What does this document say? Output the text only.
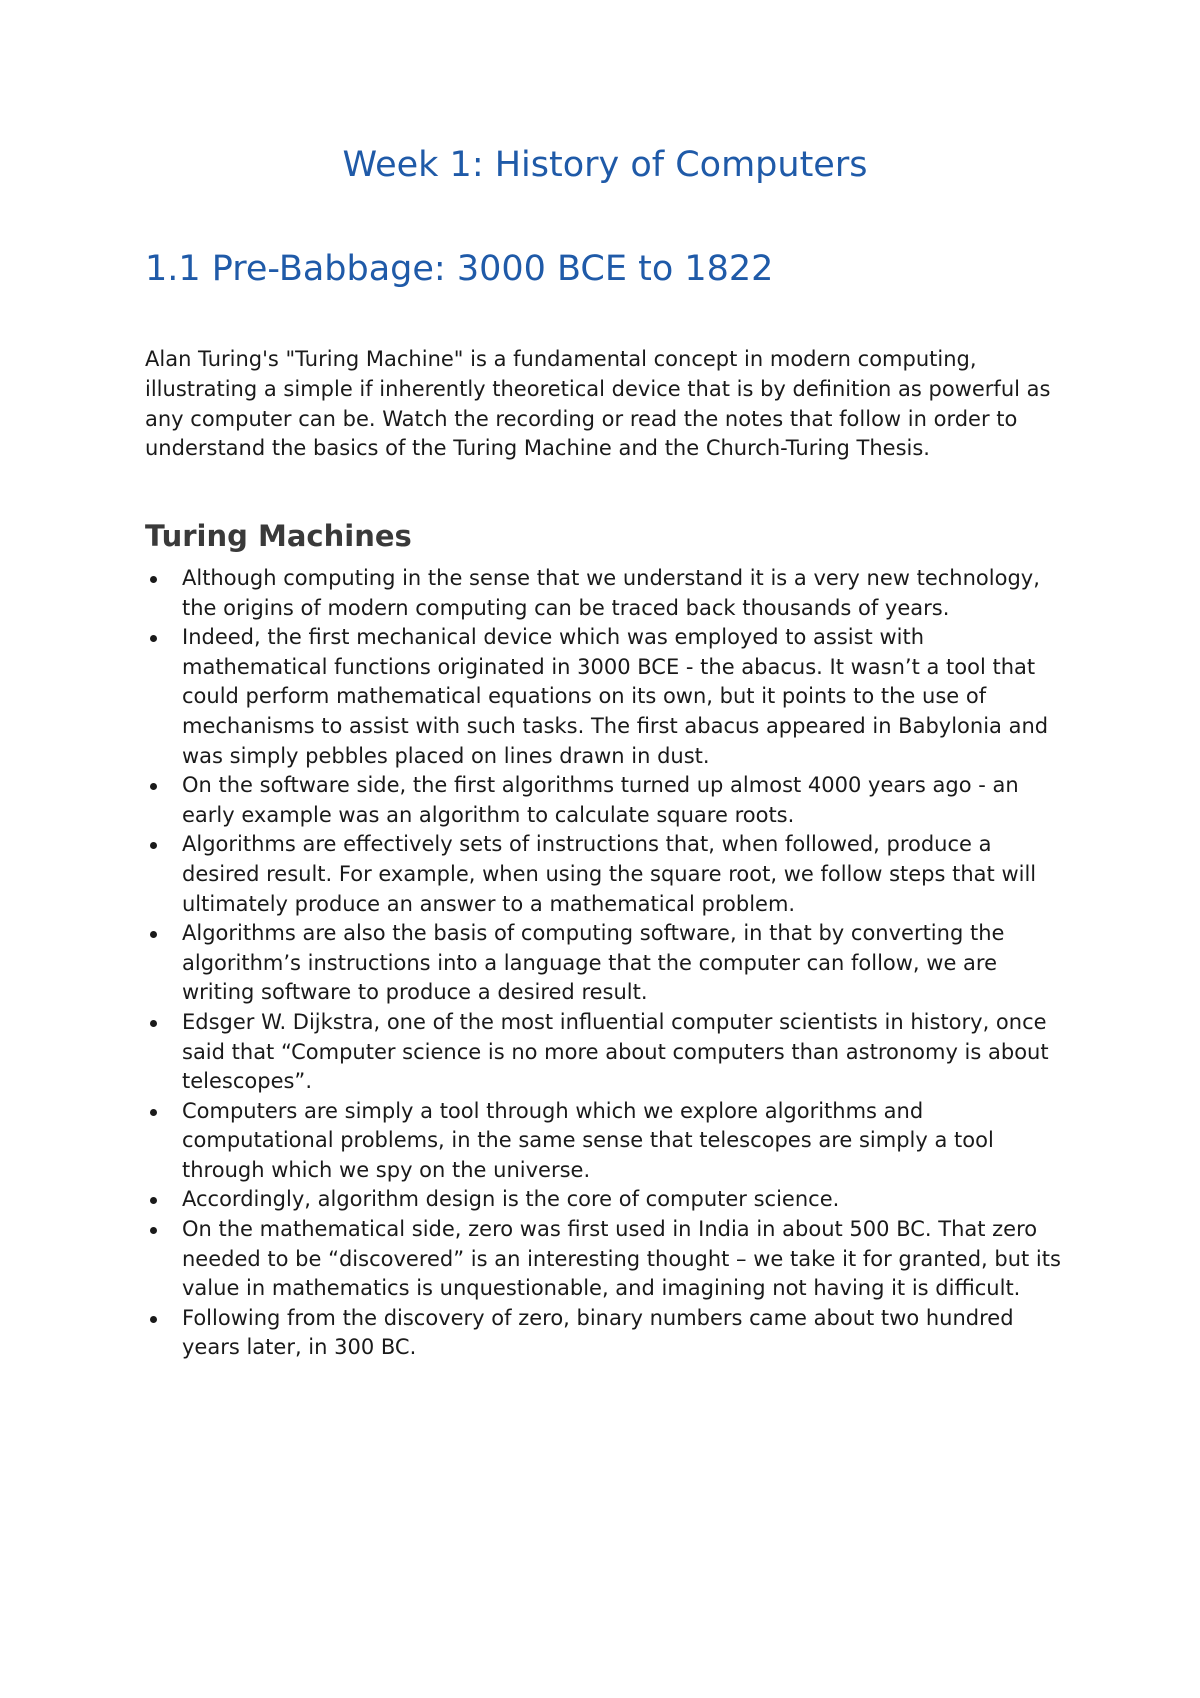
Week 1: History of Computers
1.1 Pre-Babbage: 3000 BCE to 1822

Alan Turing's "Turing Machine" is a fundamental concept in modern computing, illustrating a simple if inherently theoretical device that is by definition as powerful as any computer can be. Watch the recording or read the notes that follow in order to understand the basics of the Turing Machine and the Church-Turing Thesis.

Turing Machines
Although computing in the sense that we understand it is a very new technology, the origins of modern computing can be traced back thousands of years.
Indeed, the first mechanical device which was employed to assist with mathematical functions originated in 3000 BCE - the abacus. It wasn’t a tool that could perform mathematical equations on its own, but it points to the use of mechanisms to assist with such tasks. The first abacus appeared in Babylonia and was simply pebbles placed on lines drawn in dust.
On the software side, the first algorithms turned up almost 4000 years ago - an early example was an algorithm to calculate square roots.
Algorithms are effectively sets of instructions that, when followed, produce a desired result. For example, when using the square root, we follow steps that will ultimately produce an answer to a mathematical problem.
Algorithms are also the basis of computing software, in that by converting the algorithm’s instructions into a language that the computer can follow, we are writing software to produce a desired result.
Edsger W. Dijkstra, one of the most influential computer scientists in history, once said that “Computer science is no more about computers than astronomy is about telescopes”.
Computers are simply a tool through which we explore algorithms and computational problems, in the same sense that telescopes are simply a tool through which we spy on the universe.
Accordingly, algorithm design is the core of computer science.
On the mathematical side, zero was first used in India in about 500 BC. That zero needed to be “discovered” is an interesting thought – we take it for granted, but its value in mathematics is unquestionable, and imagining not having it is difficult.
Following from the discovery of zero, binary numbers came about two hundred years later, in 300 BC.
